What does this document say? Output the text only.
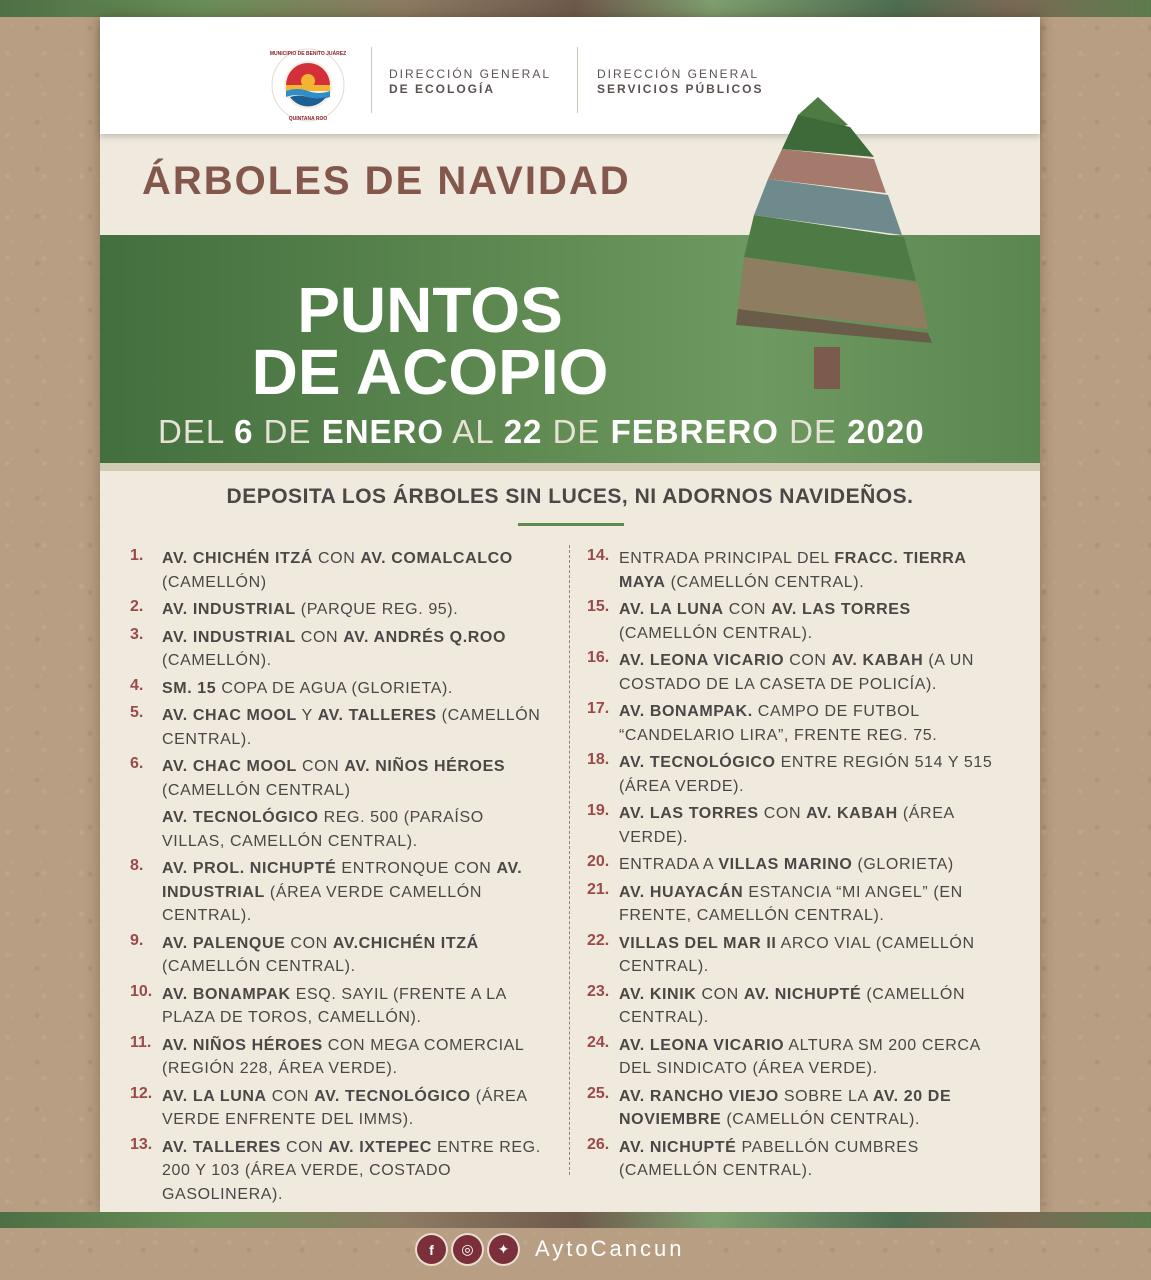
MUNICIPIO DE BENITO JUÁREZ
QUINTANA ROO
DIRECCIÓN GENERAL
DE ECOLOGÍA
DIRECCIÓN GENERAL
SERVICIOS PÚBLICOS
ÁRBOLES DE NAVIDAD
PUNTOS
DE ACOPIO
DEL 6 DE ENERO AL 22 DE FEBRERO DE 2020
DEPOSITA LOS ÁRBOLES SIN LUCES, NI ADORNOS NAVIDEÑOS.
1. AV. CHICHÉN ITZÁ CON AV. COMALCALCO (CAMELLÓN)
2. AV. INDUSTRIAL (PARQUE REG. 95).
3. AV. INDUSTRIAL CON AV. ANDRÉS Q.ROO (CAMELLÓN).
4. SM. 15 COPA DE AGUA (GLORIETA).
5. AV. CHAC MOOL Y AV. TALLERES (CAMELLÓN CENTRAL).
6. AV. CHAC MOOL CON AV. NIÑOS HÉROES (CAMELLÓN CENTRAL)
AV. TECNOLÓGICO REG. 500 (PARAÍSO VILLAS, CAMELLÓN CENTRAL).
8. AV. PROL. NICHUPTÉ ENTRONQUE CON AV. INDUSTRIAL (ÁREA VERDE CAMELLÓN CENTRAL).
9. AV. PALENQUE CON AV.CHICHÉN ITZÁ (CAMELLÓN CENTRAL).
10. AV. BONAMPAK ESQ. SAYIL (FRENTE A LA PLAZA DE TOROS, CAMELLÓN).
11. AV. NIÑOS HÉROES CON MEGA COMERCIAL (REGIÓN 228, ÁREA VERDE).
12. AV. LA LUNA CON AV. TECNOLÓGICO (ÁREA VERDE ENFRENTE DEL IMMS).
13. AV. TALLERES CON AV. IXTEPEC ENTRE REG. 200 Y 103 (ÁREA VERDE, COSTADO GASOLINERA).
14. ENTRADA PRINCIPAL DEL FRACC. TIERRA MAYA (CAMELLÓN CENTRAL).
15. AV. LA LUNA CON AV. LAS TORRES (CAMELLÓN CENTRAL).
16. AV. LEONA VICARIO CON AV. KABAH (A UN COSTADO DE LA CASETA DE POLICÍA).
17. AV. BONAMPAK. CAMPO DE FUTBOL “CANDELARIO LIRA”, FRENTE REG. 75.
18. AV. TECNOLÓGICO ENTRE REGIÓN 514 Y 515 (ÁREA VERDE).
19. AV. LAS TORRES CON AV. KABAH (ÁREA VERDE).
20. ENTRADA A VILLAS MARINO (GLORIETA)
21. AV. HUAYACÁN ESTANCIA “MI ANGEL” (EN FRENTE, CAMELLÓN CENTRAL).
22. VILLAS DEL MAR II ARCO VIAL (CAMELLÓN CENTRAL).
23. AV. KINIK CON AV. NICHUPTÉ (CAMELLÓN CENTRAL).
24. AV. LEONA VICARIO ALTURA SM 200 CERCA DEL SINDICATO (ÁREA VERDE).
25. AV. RANCHO VIEJO SOBRE LA AV. 20 DE NOVIEMBRE (CAMELLÓN CENTRAL).
26. AV. NICHUPTÉ PABELLÓN CUMBRES (CAMELLÓN CENTRAL).
f	◎	✦	AytoCancun
